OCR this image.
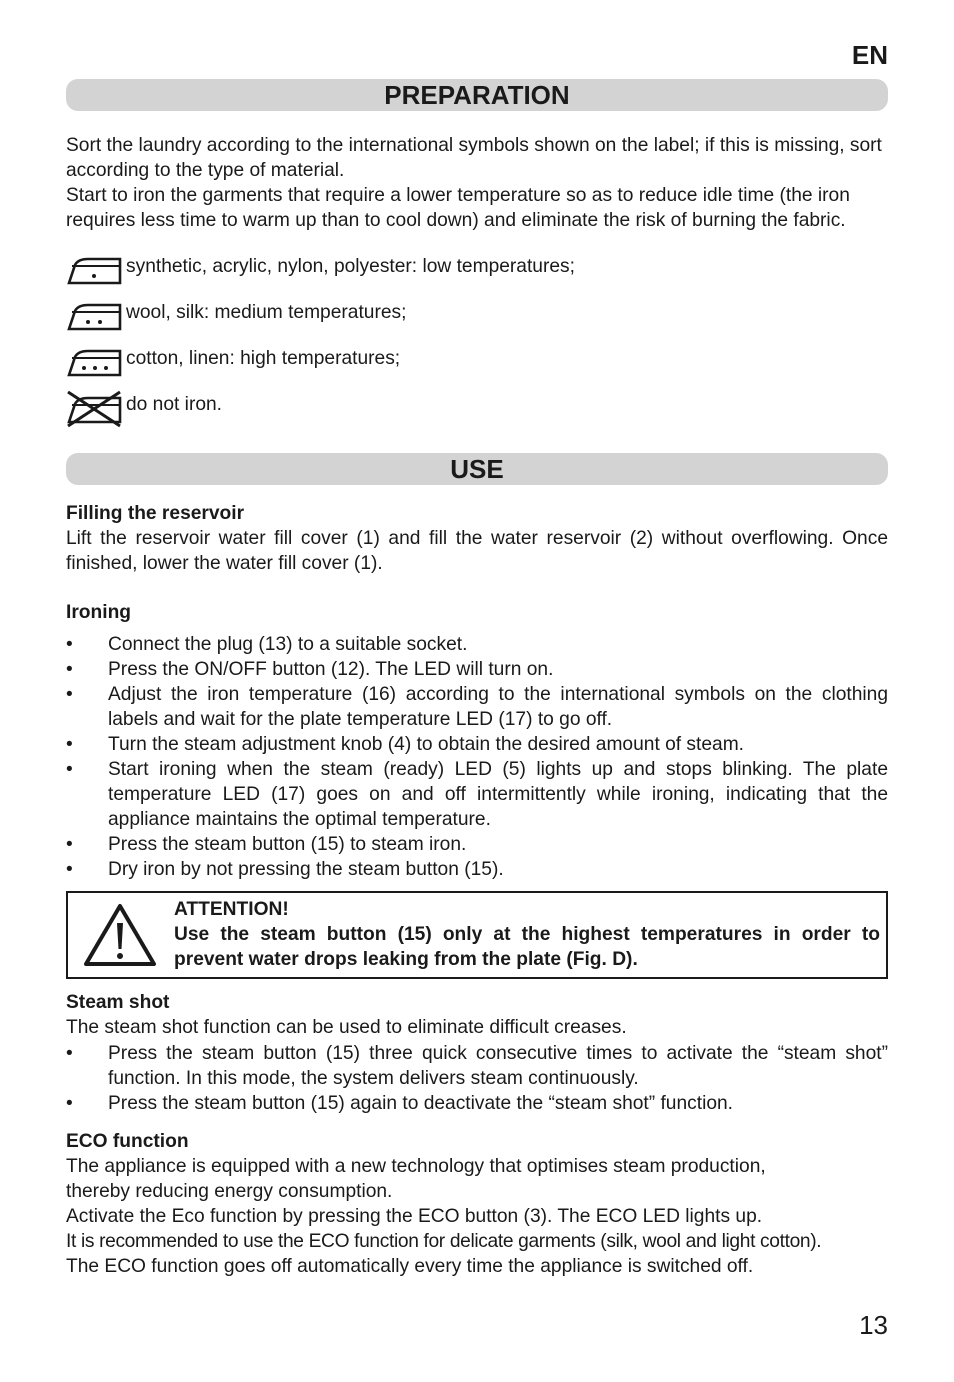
EN
PREPARATION

Sort the laundry according to the international symbols shown on the label; if this is missing, sort according to the type of material.

Start to iron the garments that require a lower temperature so as to reduce idle time (the iron requires less time to warm up than to cool down) and eliminate the risk of burning the fabric.

synthetic, acrylic, nylon, polyester: low temperatures;
wool, silk: medium temperatures;
cotton, linen: high temperatures;
do not iron.
USE

Filling the reservoir

Lift the reservoir water fill cover (1) and fill the water reservoir (2) without overflowing. Once finished, lower the water fill cover (1).

Ironing

• Connect the plug (13) to a suitable socket.
• Press the ON/OFF button (12). The LED will turn on.
• Adjust the iron temperature (16) according to the international symbols on the clothing labels and wait for the plate temperature LED (17) to go off.
• Turn the steam adjustment knob (4) to obtain the desired amount of steam.
• Start ironing when the steam (ready) LED (5) lights up and stops blinking. The plate temperature LED (17) goes on and off intermittently while ironing, indicating that the appliance maintains the optimal temperature.
• Press the steam button (15) to steam iron.
• Dry iron by not pressing the steam button (15).
ATTENTION!
Use the steam button (15) only at the highest temperatures in order to prevent water drops leaking from the plate (Fig. D).

Steam shot

The steam shot function can be used to eliminate difficult creases.

• Press the steam button (15) three quick consecutive times to activate the “steam shot” function. In this mode, the system delivers steam continuously.
• Press the steam button (15) again to deactivate the “steam shot” function.

ECO function

The appliance is equipped with a new technology that optimises steam production, thereby reducing energy consumption.

Activate the Eco function by pressing the ECO button (3). The ECO LED lights up.

It is recommended to use the ECO function for delicate garments (silk, wool and light cotton).

The ECO function goes off automatically every time the appliance is switched off.

13
